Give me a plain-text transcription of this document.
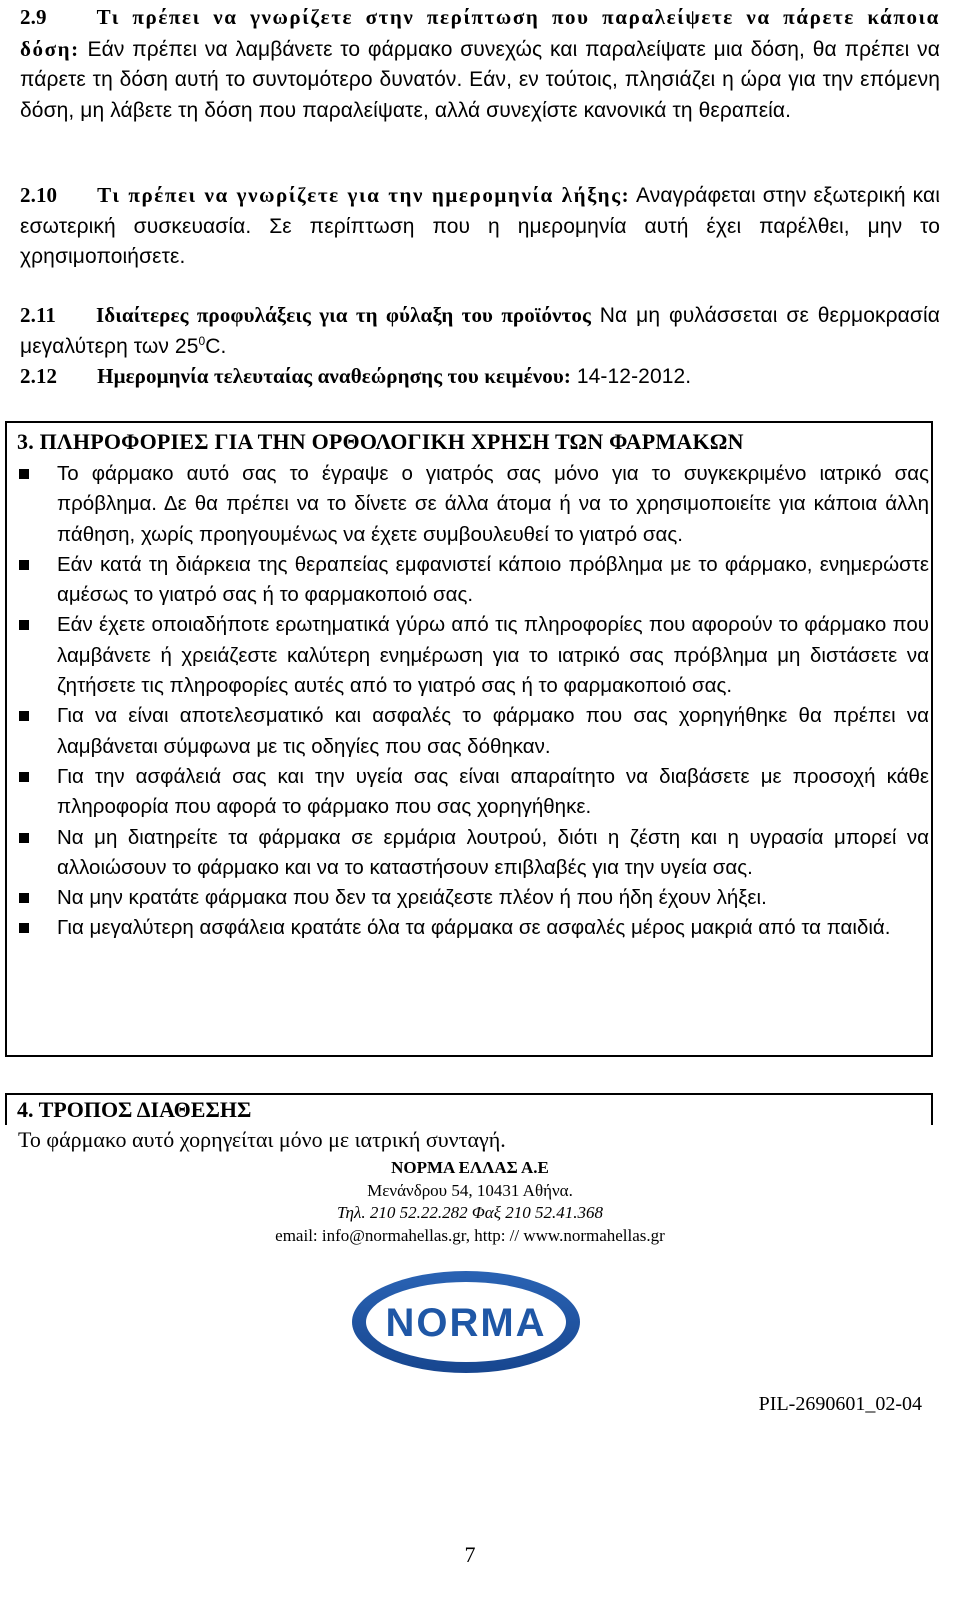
2.9 Τι πρέπει να γνωρίζετε στην περίπτωση που παραλείψετε να πάρετε κάποια δόση: Εάν πρέπει να λαμβάνετε το φάρμακο συνεχώς και παραλείψατε μια δόση, θα πρέπει να πάρετε τη δόση αυτή το συντομότερο δυνατόν. Εάν, εν τούτοις, πλησιάζει η ώρα για την επόμενη δόση, μη λάβετε τη δόση που παραλείψατε, αλλά συνεχίστε κανονικά τη θεραπεία.

2.10 Τι πρέπει να γνωρίζετε για την ημερομηνία λήξης: Αναγράφεται στην εξωτερική και εσωτερική συσκευασία. Σε περίπτωση που η ημερομηνία αυτή έχει παρέλθει, μην το χρησιμοποιήσετε.

2.11 Ιδιαίτερες προφυλάξεις για τη φύλαξη του προϊόντος Να μη φυλάσσεται σε θερμοκρασία μεγαλύτερη των $25^0C$.

2.12 Ημερομηνία τελευταίας αναθεώρησης του κειμένου: 14-12-2012.

3. ΠΛΗΡΟΦΟΡΙΕΣ ΓΙΑ ΤΗΝ ΟΡΘΟΛΟΓΙΚΗ ΧΡΗΣΗ ΤΩΝ ΦΑΡΜΑΚΩΝ
Το φάρμακο αυτό σας το έγραψε ο γιατρός σας μόνο για το συγκεκριμένο ιατρικό σας πρόβλημα. Δε θα πρέπει να το δίνετε σε άλλα άτομα ή να το χρησιμοποιείτε για κάποια άλλη πάθηση, χωρίς προηγουμένως να έχετε συμβουλευθεί το γιατρό σας.
Εάν κατά τη διάρκεια της θεραπείας εμφανιστεί κάποιο πρόβλημα με το φάρμακο, ενημερώστε αμέσως το γιατρό σας ή το φαρμακοποιό σας.
Εάν έχετε οποιαδήποτε ερωτηματικά γύρω από τις πληροφορίες που αφορούν το φάρμακο που λαμβάνετε ή χρειάζεστε καλύτερη ενημέρωση για το ιατρικό σας πρόβλημα μη διστάσετε να ζητήσετε τις πληροφορίες αυτές από το γιατρό σας ή το φαρμακοποιό σας.
Για να είναι αποτελεσματικό και ασφαλές το φάρμακο που σας χορηγήθηκε θα πρέπει να λαμβάνεται σύμφωνα με τις οδηγίες που σας δόθηκαν.
Για την ασφάλειά σας και την υγεία σας είναι απαραίτητο να διαβάσετε με προσοχή κάθε πληροφορία που αφορά το φάρμακο που σας χορηγήθηκε.
Να μη διατηρείτε τα φάρμακα σε ερμάρια λουτρού, διότι η ζέστη και η υγρασία μπορεί να αλλοιώσουν το φάρμακο και να το καταστήσουν επιβλαβές για την υγεία σας.
Να μην κρατάτε φάρμακα που δεν τα χρειάζεστε πλέον ή που ήδη έχουν λήξει.
Για μεγαλύτερη ασφάλεια κρατάτε όλα τα φάρμακα σε ασφαλές μέρος μακριά από τα παιδιά.
4. ΤΡΟΠΟΣ ΔΙΑΘΕΣΗΣ
Το φάρμακο αυτό χορηγείται μόνο με ιατρική συνταγή.
ΝΟΡΜΑ ΕΛΛΑΣ Α.Ε
Μενάνδρου 54, 10431 Αθήνα.
Τηλ. 210 52.22.282 Φαξ 210 52.41.368
email: info@normahellas.gr, http: // www.normahellas.gr
NORMA
PIL-2690601_02-04
7
